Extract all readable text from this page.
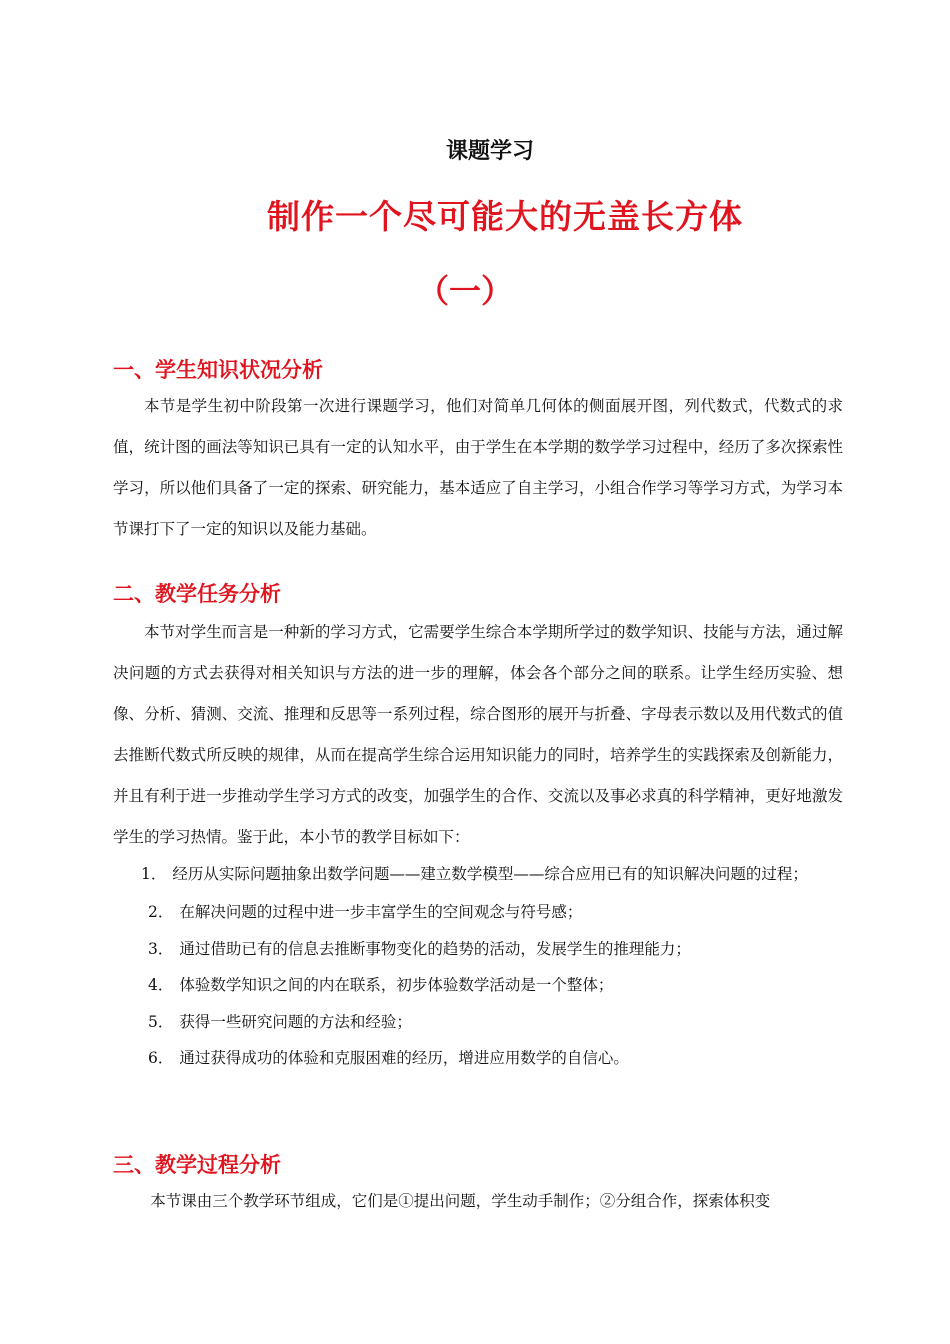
课题学习
制作一个尽可能大的无盖长方体
（一）
一、学生知识状况分析
本节是学生初中阶段第一次进行课题学习，他们对简单几何体的侧面展开图，列代数式，代数式的求值，统计图的画法等知识已具有一定的认知水平，由于学生在本学期的数学学习过程中，经历了多次探索性学习，所以他们具备了一定的探索、研究能力，基本适应了自主学习，小组合作学习等学习方式，为学习本节课打下了一定的知识以及能力基础。
二、教学任务分析
本节对学生而言是一种新的学习方式，它需要学生综合本学期所学过的数学知识、技能与方法，通过解决问题的方式去获得对相关知识与方法的进一步的理解，体会各个部分之间的联系。让学生经历实验、想像、分析、猜测、交流、推理和反思等一系列过程，综合图形的展开与折叠、字母表示数以及用代数式的值去推断代数式所反映的规律，从而在提高学生综合运用知识能力的同时，培养学生的实践探索及创新能力，并且有利于进一步推动学生学习方式的改变，加强学生的合作、交流以及事必求真的科学精神，更好地激发学生的学习热情。鉴于此，本小节的教学目标如下：
1． 经历从实际问题抽象出数学问题——建立数学模型——综合应用已有的知识解决问题的过程；
2． 在解决问题的过程中进一步丰富学生的空间观念与符号感；
3． 通过借助已有的信息去推断事物变化的趋势的活动，发展学生的推理能力；
4． 体验数学知识之间的内在联系，初步体验数学活动是一个整体；
5． 获得一些研究问题的方法和经验；
6． 通过获得成功的体验和克服困难的经历，增进应用数学的自信心。
三、教学过程分析
本节课由三个教学环节组成，它们是①提出问题，学生动手制作；②分组合作，探索体积变
